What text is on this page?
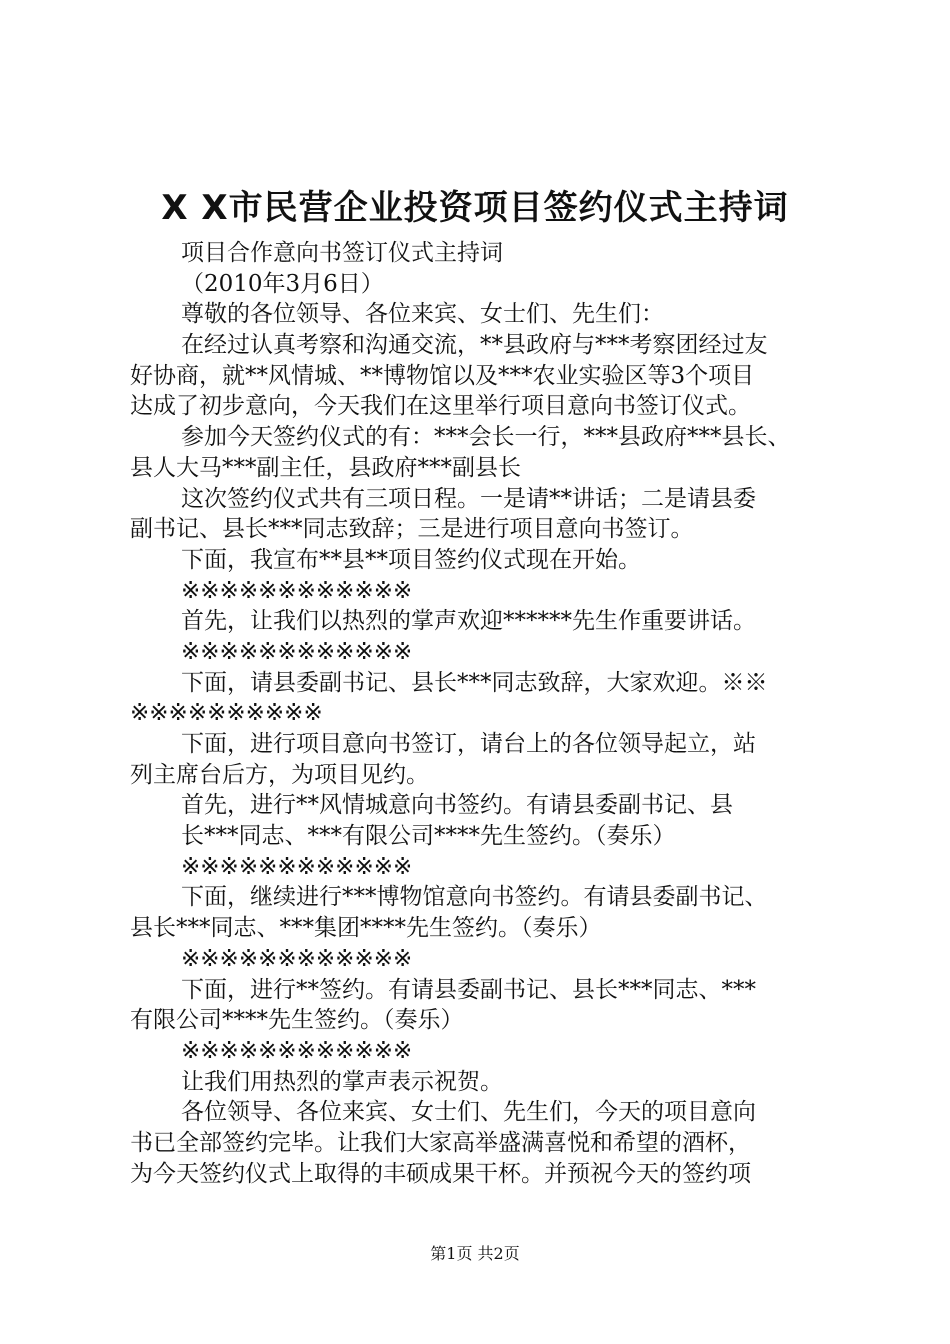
X X市民营企业投资项目签约仪式主持词
项目合作意向书签订仪式主持词
（2010年3月6日）
尊敬的各位领导、各位来宾、女士们、先生们：
在经过认真考察和沟通交流，**县政府与***考察团经过友
好协商，就**风情城、**博物馆以及***农业实验区等3个项目
达成了初步意向，今天我们在这里举行项目意向书签订仪式。
参加今天签约仪式的有：***会长一行，***县政府***县长、
县人大马***副主任，县政府***副县长
这次签约仪式共有三项日程。一是请**讲话；二是请县委
副书记、县长***同志致辞；三是进行项目意向书签订。
下面，我宣布**县**项目签约仪式现在开始。
※※※※※※※※※※※※
首先，让我们以热烈的掌声欢迎******先生作重要讲话。
※※※※※※※※※※※※
下面，请县委副书记、县长***同志致辞，大家欢迎。※※
※※※※※※※※※※
下面，进行项目意向书签订，请台上的各位领导起立，站
列主席台后方，为项目见约。
首先，进行**风情城意向书签约。有请县委副书记、县
长***同志、***有限公司****先生签约。（奏乐）
※※※※※※※※※※※※
下面，继续进行***博物馆意向书签约。有请县委副书记、
县长***同志、***集团****先生签约。（奏乐）
※※※※※※※※※※※※
下面，进行**签约。有请县委副书记、县长***同志、***
有限公司****先生签约。（奏乐）
※※※※※※※※※※※※
让我们用热烈的掌声表示祝贺。
各位领导、各位来宾、女士们、先生们，今天的项目意向
书已全部签约完毕。让我们大家高举盛满喜悦和希望的酒杯，
为今天签约仪式上取得的丰硕成果干杯。并预祝今天的签约项
第1页 共2页
